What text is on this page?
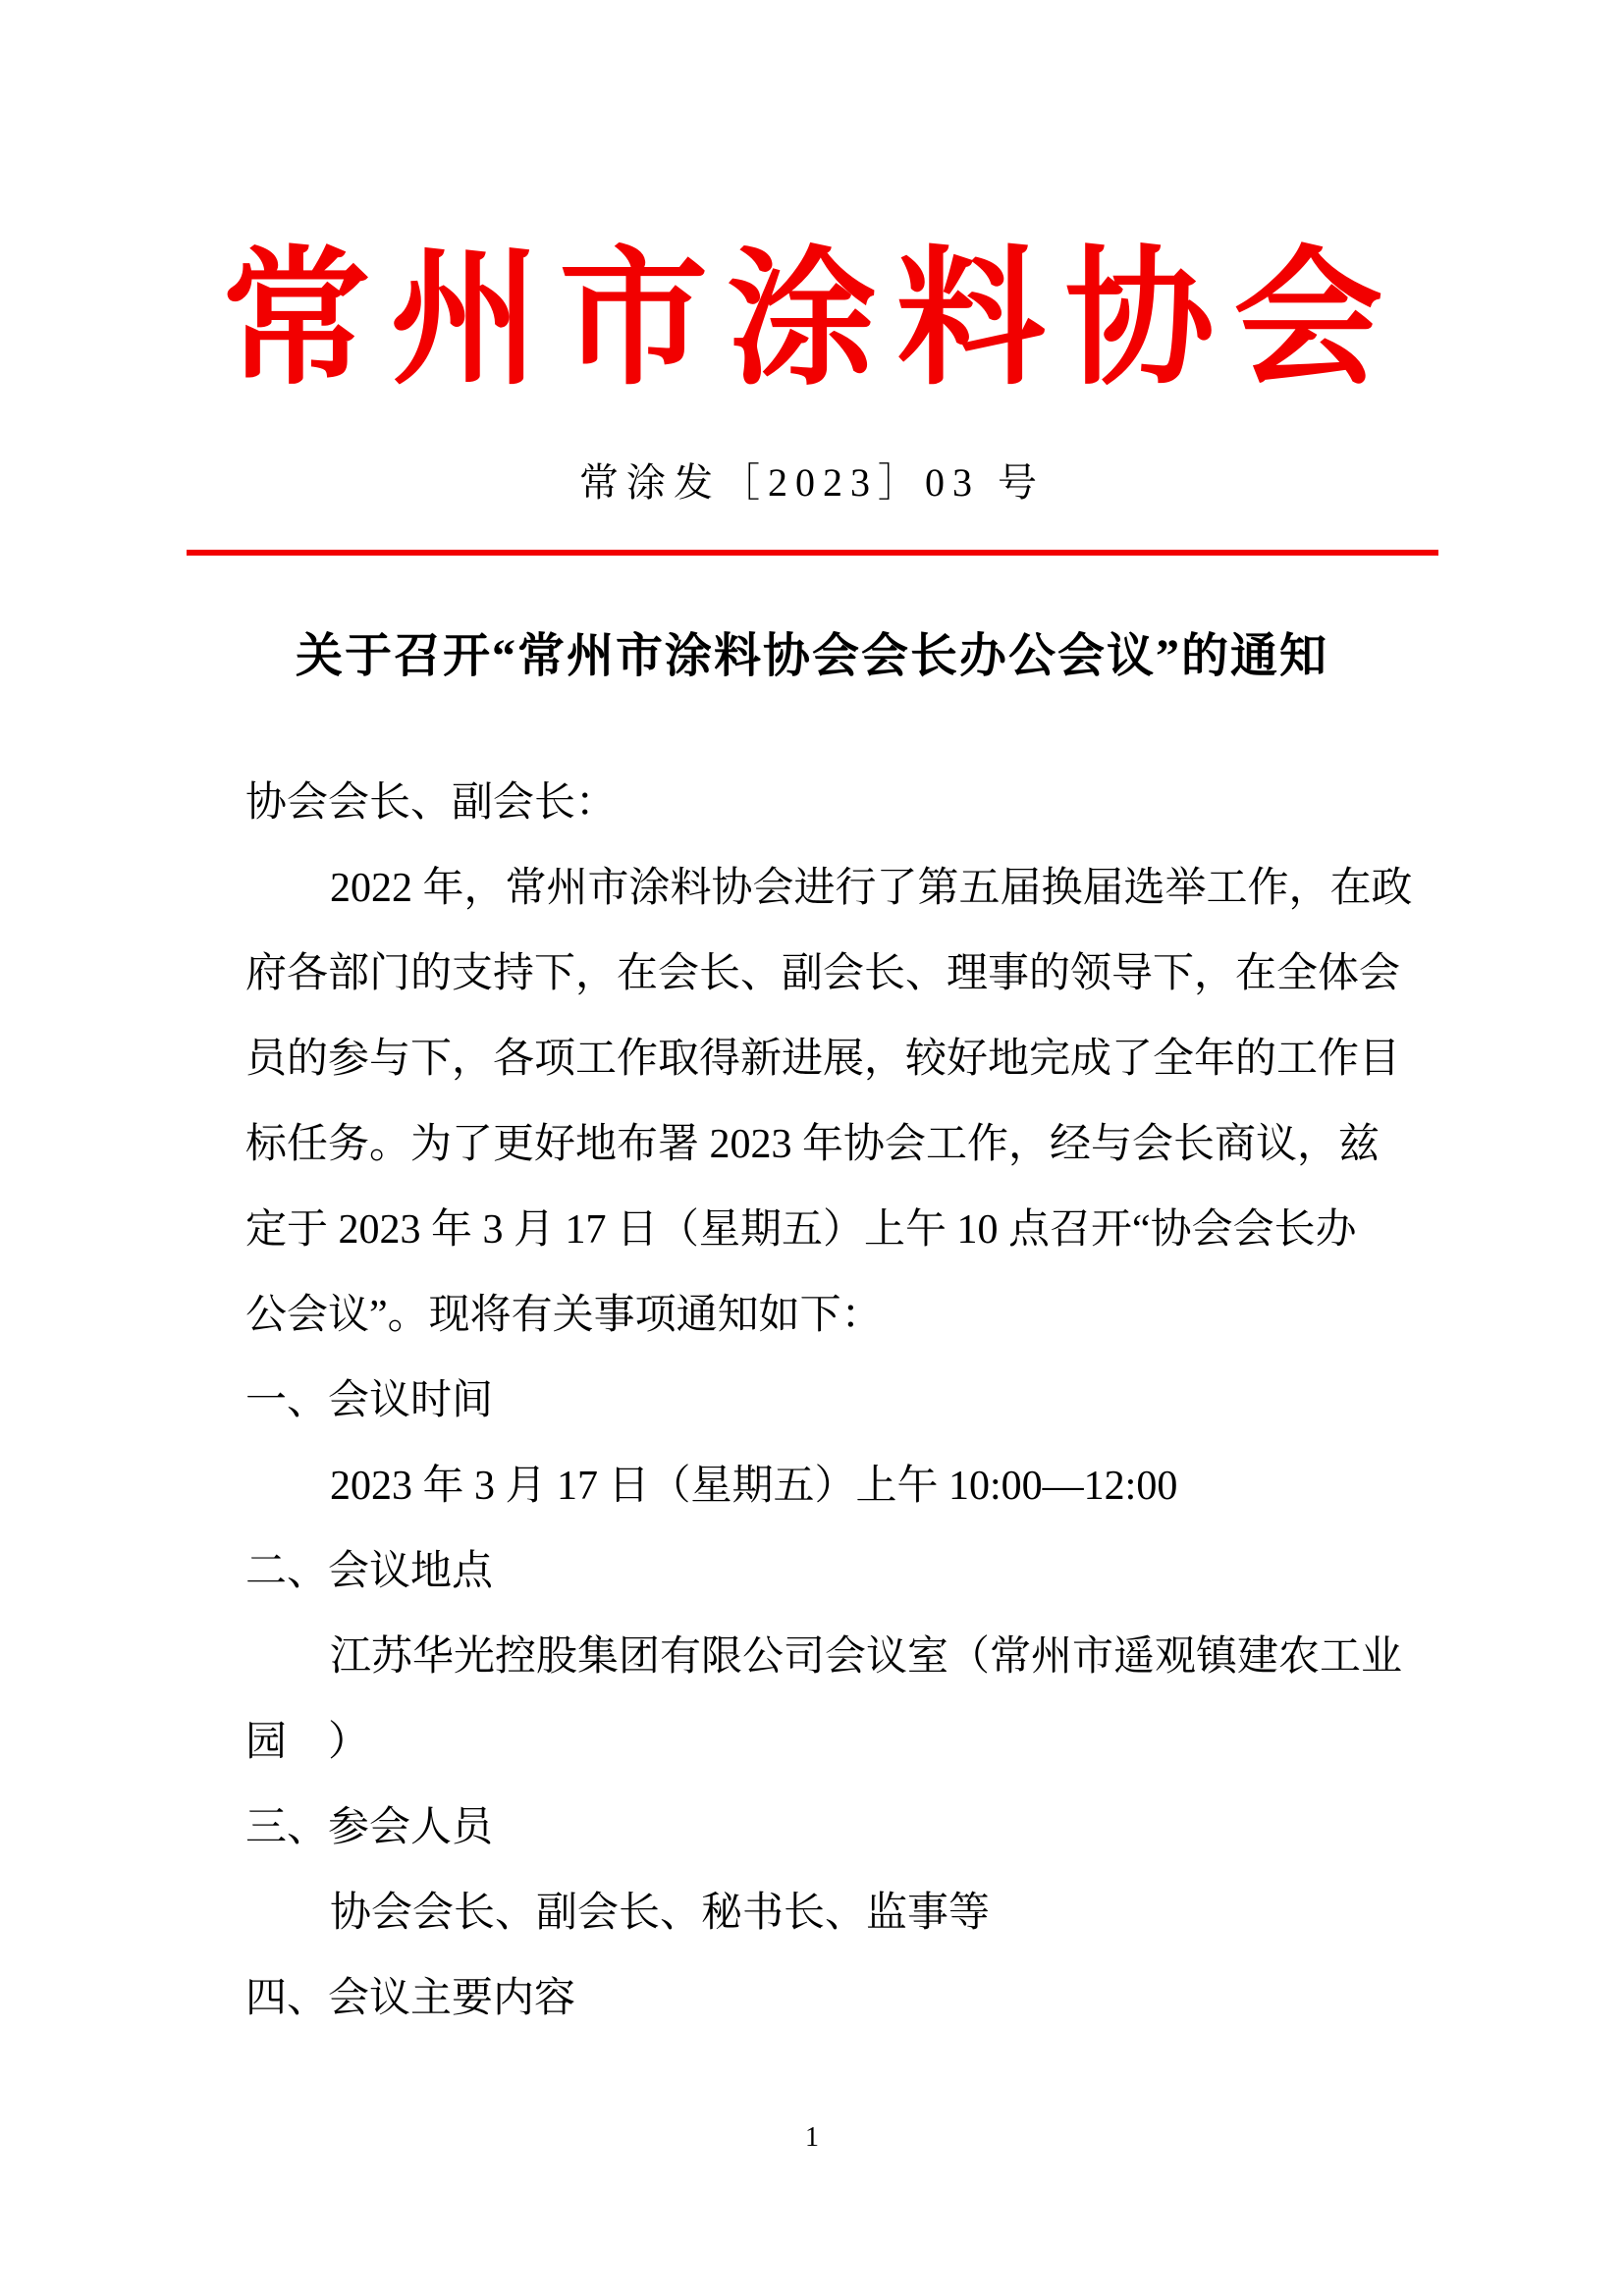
常州市涂料协会
常涂发［2023］03 号
关于召开“常州市涂料协会会长办公会议”的通知
协会会长、副会长：
2022 年，常州市涂料协会进行了第五届换届选举工作，在政
府各部门的支持下，在会长、副会长、理事的领导下，在全体会
员的参与下，各项工作取得新进展，较好地完成了全年的工作目
标任务。为了更好地布署 2023 年协会工作，经与会长商议，兹
定于 2023 年 3 月 17 日（星期五）上午 10 点召开“协会会长办
公会议”。现将有关事项通知如下：
一、会议时间
2023 年 3 月 17 日（星期五）上午 10:00—12:00
二、会议地点
江苏华光控股集团有限公司会议室（常州市遥观镇建农工业
园　）
三、参会人员
协会会长、副会长、秘书长、监事等
四、会议主要内容
1
